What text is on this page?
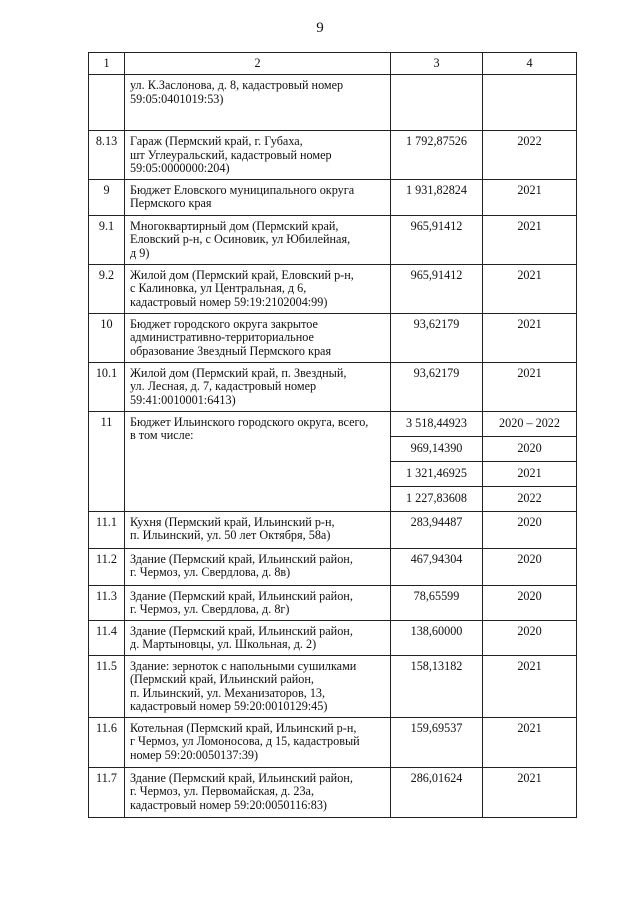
9
1	2	3	4

	ул. К.Заслонова, д. 8, кадастровый номер
59:05:0401019:53)		

8.13	Гараж (Пермский край, г. Губаха,
шт Углеуральский, кадастровый номер
59:05:0000000:204)	1 792,87526	2022

9	Бюджет Еловского муниципального округа
Пермского края	1 931,82824	2021

9.1	Многоквартирный дом (Пермский край,
Еловский р-н, с Осиновик, ул Юбилейная,
д 9)	965,91412	2021

9.2	Жилой дом (Пермский край, Еловский р-н,
с Калиновка, ул Центральная, д 6,
кадастровый номер 59:19:2102004:99)	965,91412	2021

10	Бюджет городского округа закрытое
административно-территориальное
образование Звездный Пермского края	93,62179	2021

10.1	Жилой дом (Пермский край, п. Звездный,
ул. Лесная, д. 7, кадастровый номер
59:41:0010001:6413)	93,62179	2021

11	Бюджет Ильинского городского округа, всего,
в том числе:	3 518,44923	2020 – 2022

		969,14390	2020

		1 321,46925	2021

		1 227,83608	2022

11.1	Кухня (Пермский край, Ильинский р-н,
п. Ильинский, ул. 50 лет Октября, 58а)	283,94487	2020

11.2	Здание (Пермский край, Ильинский район,
г. Чермоз, ул. Свердлова, д. 8в)	467,94304	2020

11.3	Здание (Пермский край, Ильинский район,
г. Чермоз, ул. Свердлова, д. 8г)	78,65599	2020

11.4	Здание (Пермский край, Ильинский район,
д. Мартыновцы, ул. Школьная, д. 2)	138,60000	2020

11.5	Здание: зерноток с напольными сушилками
(Пермский край, Ильинский район,
п. Ильинский, ул. Механизаторов, 13,
кадастровый номер 59:20:0010129:45)	158,13182	2021

11.6	Котельная (Пермский край, Ильинский р-н,
г Чермоз, ул Ломоносова, д 15, кадастровый
номер 59:20:0050137:39)	159,69537	2021

11.7	Здание (Пермский край, Ильинский район,
г. Чермоз, ул. Первомайская, д. 23а,
кадастровый номер 59:20:0050116:83)	286,01624	2021
